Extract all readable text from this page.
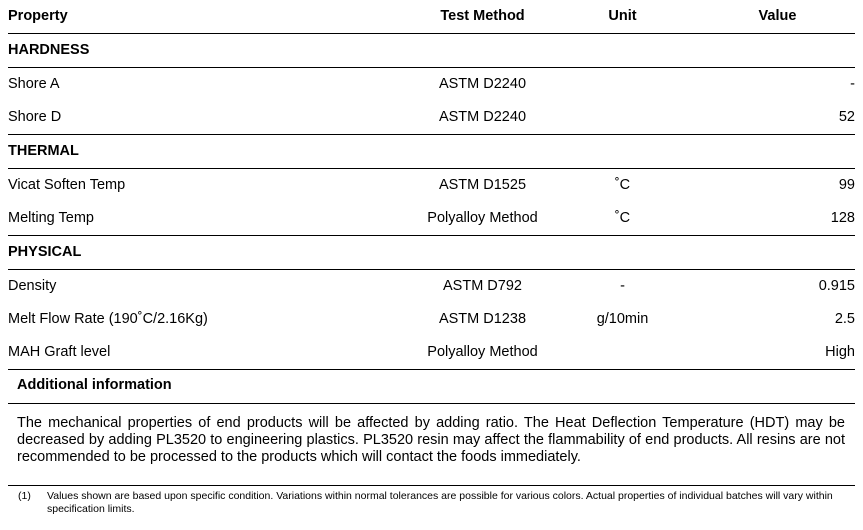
Property	Test Method	Unit	Value
HARDNESS			
Shore A	ASTM D2240		-
Shore D	ASTM D2240		52
THERMAL			
Vicat Soften Temp	ASTM D1525	˚C	99
Melting Temp	Polyalloy Method	˚C	128
PHYSICAL			
Density	ASTM D792	-	0.915
Melt Flow Rate (190˚C/2.16Kg)	ASTM D1238	g/10min	2.5
MAH Graft level	Polyalloy Method		High
Additional information
The mechanical properties of end products will be affected by adding ratio. The Heat Deflection Temperature (HDT) may be decreased by adding PL3520 to engineering plastics. PL3520 resin may affect the flammability of end products. All resins are not recommended to be processed to the products which will contact the foods immediately.
(1)	Values shown are based upon specific condition. Variations within normal tolerances are possible for various colors. Actual properties of individual batches will vary within specification limits.
